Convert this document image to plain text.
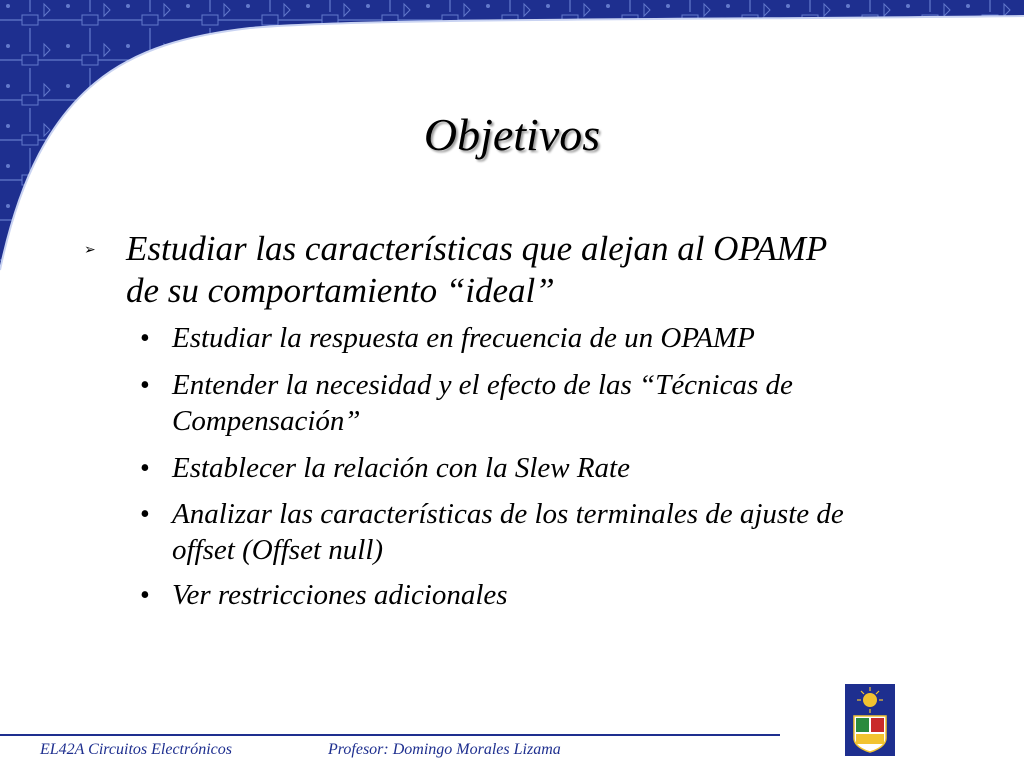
Objetivos
➢ Estudiar las características que alejan al OPAMP de su comportamiento “ideal”
• Estudiar la respuesta en frecuencia de un OPAMP
• Entender la necesidad y el efecto de las “Técnicas de Compensación”
• Establecer la relación con la Slew Rate
• Analizar las características de los terminales de ajuste de offset (Offset null)
• Ver restricciones adicionales
EL42A Circuitos Electrónicos	Profesor: Domingo Morales Lizama
